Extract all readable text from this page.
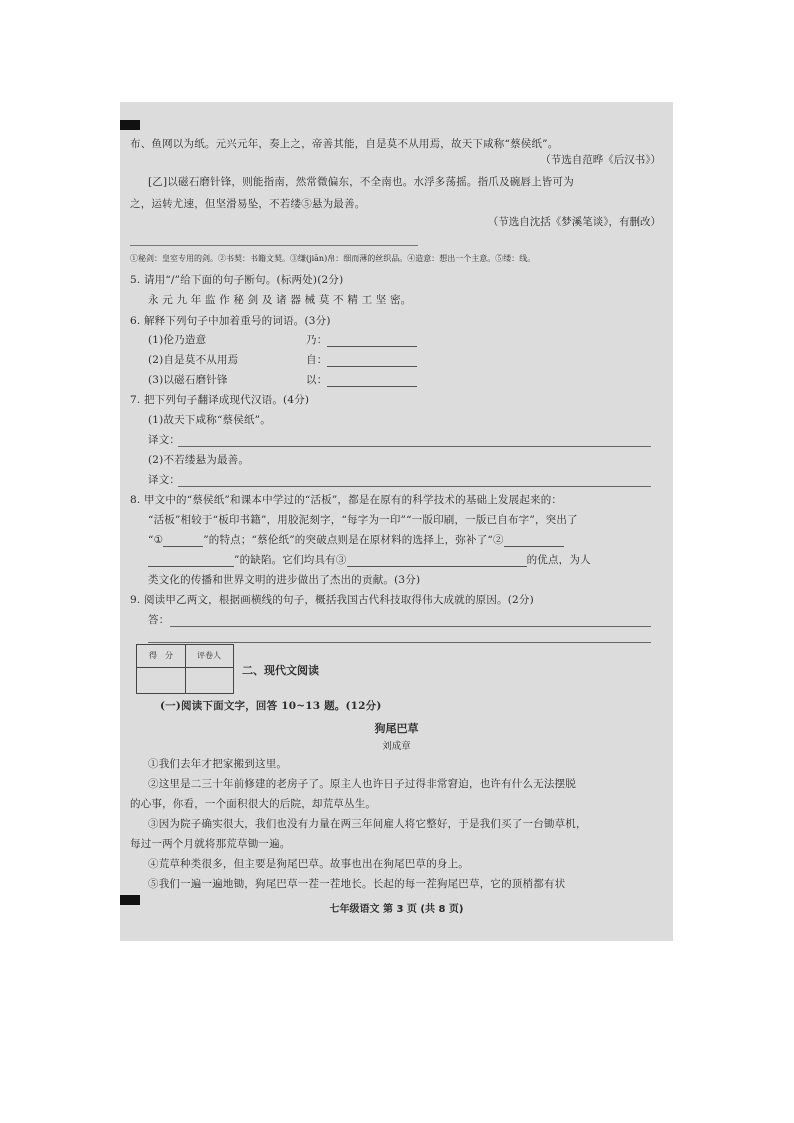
布、鱼网以为纸。元兴元年，奏上之，帝善其能，自是莫不从用焉，故天下咸称“蔡侯纸”。
（节选自范晔《后汉书》）
[乙]以磁石磨针锋，则能指南，然常微偏东，不全南也。水浮多荡摇。指爪及碗唇上皆可为
之，运转尤速，但坚滑易坠，不若缕⑤悬为最善。
（节选自沈括《梦溪笔谈》，有删改）
①秘剑：皇室专用的剑。②书契：书籍文契。③缣(jiān)帛：细而薄的丝织品。④造意：想出一个主意。⑤缕：线。
5. 请用“/”给下面的句子断句。(标两处)(2分)
永 元 九 年 监 作 秘 剑 及 诸 器 械 莫 不 精 工 坚 密。
6. 解释下列句子中加着重号的词语。(3分)
(1)伦乃造意	乃：
(2)自是莫不从用焉	自：
(3)以磁石磨针锋	以：
7. 把下列句子翻译成现代汉语。(4分)
(1)故天下咸称“蔡侯纸”。
译文：
(2)不若缕悬为最善。
译文：
8. 甲文中的“蔡侯纸”和课本中学过的“活板”，都是在原有的科学技术的基础上发展起来的：
“活板”相较于“板印书籍”，用胶泥刻字，“每字为一印”“一版印刷，一版已自布字”，突出了
“①	”的特点；“蔡伦纸”的突破点则是在原材料的选择上，弥补了“②
”的缺陷。它们均具有③	的优点，为人
类文化的传播和世界文明的进步做出了杰出的贡献。(3分)
9. 阅读甲乙两文，根据画横线的句子，概括我国古代科技取得伟大成就的原因。(2分)
答：
得　分	评卷人
二、现代文阅读
(一)阅读下面文字，回答 10~13 题。(12分)
狗尾巴草
刘成章
①我们去年才把家搬到这里。
②这里是二三十年前修建的老房子了。原主人也许日子过得非常窘迫，也许有什么无法摆脱
的心事，你看，一个面积很大的后院，却荒草丛生。
③因为院子确实很大，我们也没有力量在两三年间雇人将它整好，于是我们买了一台锄草机，
每过一两个月就将那荒草锄一遍。
④荒草种类很多，但主要是狗尾巴草。故事也出在狗尾巴草的身上。
⑤我们一遍一遍地锄，狗尾巴草一茬一茬地长。长起的每一茬狗尾巴草，它的顶梢都有状
七年级语文 第 3 页 (共 8 页)
